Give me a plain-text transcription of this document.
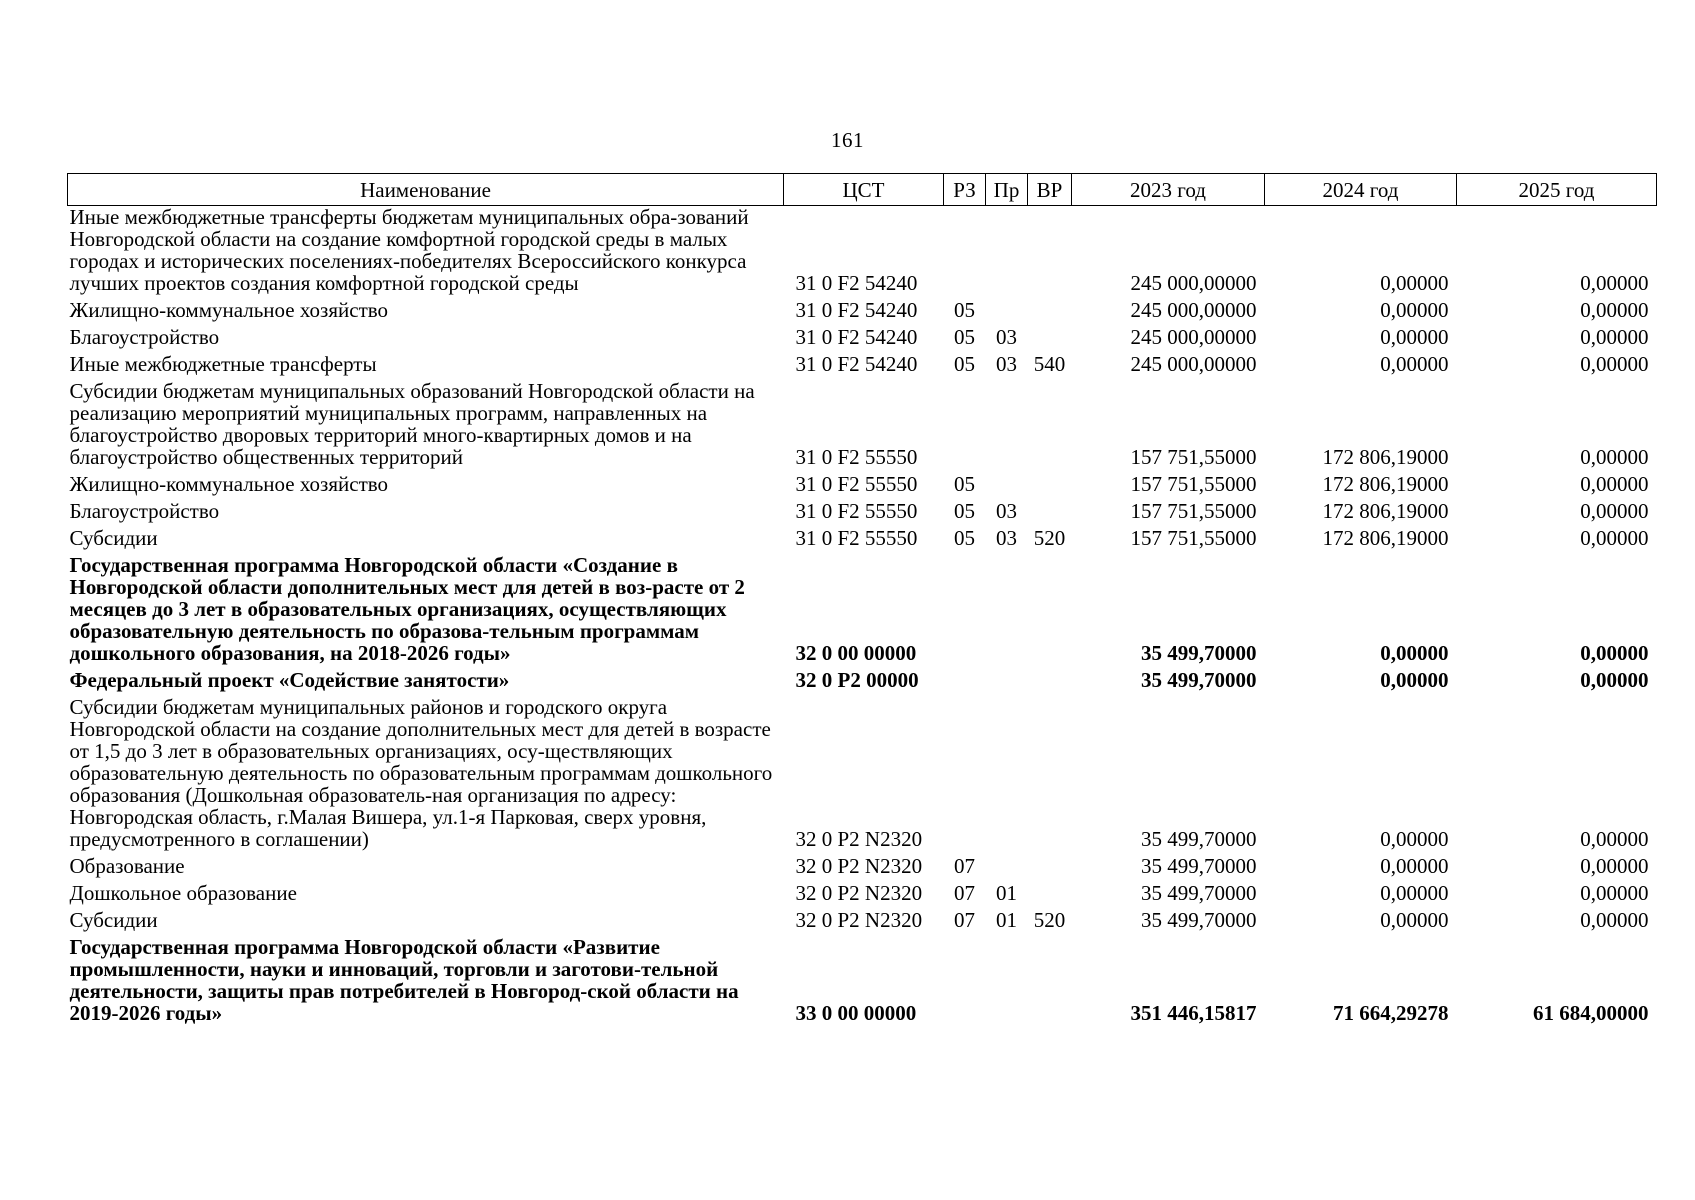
161
Наименование	ЦСТ	РЗ	Пр	ВР	2023 год	2024 год	2025 год
Иные межбюджетные трансферты бюджетам муниципальных обра-зований Новгородской области на создание комфортной городской среды в малых городах и исторических поселениях-победителях Всероссийского конкурса лучших проектов создания комфортной городской среды	31 0 F2 54240				245 000,00000	0,00000	0,00000
Жилищно-коммунальное хозяйство	31 0 F2 54240	05			245 000,00000	0,00000	0,00000
Благоустройство	31 0 F2 54240	05	03		245 000,00000	0,00000	0,00000
Иные межбюджетные трансферты	31 0 F2 54240	05	03	540	245 000,00000	0,00000	0,00000
Субсидии бюджетам муниципальных образований Новгородской области на реализацию мероприятий муниципальных программ, направленных на благоустройство дворовых территорий много-квартирных домов и на благоустройство общественных территорий	31 0 F2 55550				157 751,55000	172 806,19000	0,00000
Жилищно-коммунальное хозяйство	31 0 F2 55550	05			157 751,55000	172 806,19000	0,00000
Благоустройство	31 0 F2 55550	05	03		157 751,55000	172 806,19000	0,00000
Субсидии	31 0 F2 55550	05	03	520	157 751,55000	172 806,19000	0,00000
Государственная программа Новгородской области «Создание в Новгородской области дополнительных мест для детей в воз-расте от 2 месяцев до 3 лет в образовательных организациях, осуществляющих образовательную деятельность по образова-тельным программам дошкольного образования, на 2018-2026 годы»	32 0 00 00000				35 499,70000	0,00000	0,00000
Федеральный проект «Содействие занятости»	32 0 P2 00000				35 499,70000	0,00000	0,00000
Субсидии бюджетам муниципальных районов и городского округа Новгородской области на создание дополнительных мест для детей в возрасте от 1,5 до 3 лет в образовательных организациях, осу-ществляющих образовательную деятельность по образовательным программам дошкольного образования (Дошкольная образователь-ная организация по адресу: Новгородская область, г.Малая Вишера, ул.1-я Парковая, сверх уровня, предусмотренного в соглашении)	32 0 P2 N2320				35 499,70000	0,00000	0,00000
Образование	32 0 P2 N2320	07			35 499,70000	0,00000	0,00000
Дошкольное образование	32 0 P2 N2320	07	01		35 499,70000	0,00000	0,00000
Субсидии	32 0 P2 N2320	07	01	520	35 499,70000	0,00000	0,00000
Государственная программа Новгородской области «Развитие промышленности, науки и инноваций, торговли и заготови-тельной деятельности, защиты прав потребителей в Новгород-ской области на 2019-2026 годы»	33 0 00 00000				351 446,15817	71 664,29278	61 684,00000
